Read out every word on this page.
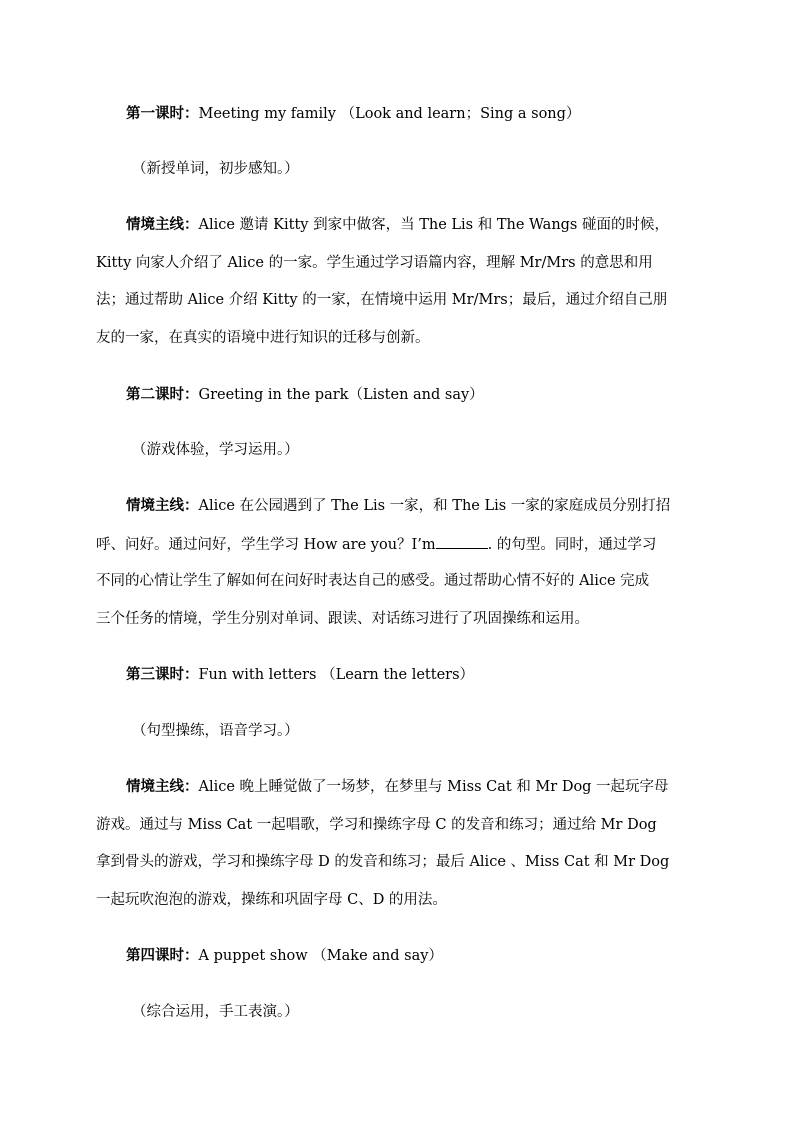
第一课时：Meeting my family （Look and learn；Sing a song）
（新授单词，初步感知。）
情境主线：Alice 邀请 Kitty 到家中做客，当 The Lis 和 The Wangs 碰面的时候，
Kitty 向家人介绍了 Alice 的一家。学生通过学习语篇内容，理解 Mr/Mrs 的意思和用
法；通过帮助 Alice 介绍 Kitty 的一家，在情境中运用 Mr/Mrs；最后，通过介绍自己朋
友的一家，在真实的语境中进行知识的迁移与创新。
第二课时：Greeting in the park（Listen and say）
（游戏体验，学习运用。）
情境主线：Alice 在公园遇到了 The Lis 一家，和 The Lis 一家的家庭成员分别打招
呼、问好。通过问好，学生学习 How are you？I’m	. 的句型。同时，通过学习
不同的心情让学生了解如何在问好时表达自己的感受。通过帮助心情不好的 Alice 完成
三个任务的情境，学生分别对单词、跟读、对话练习进行了巩固操练和运用。
第三课时：Fun with letters （Learn the letters）
（句型操练，语音学习。）
情境主线：Alice 晚上睡觉做了一场梦，在梦里与 Miss Cat 和 Mr Dog 一起玩字母
游戏。通过与 Miss Cat 一起唱歌，学习和操练字母 C 的发音和练习；通过给 Mr Dog
拿到骨头的游戏，学习和操练字母 D 的发音和练习；最后 Alice 、Miss Cat 和 Mr Dog
一起玩吹泡泡的游戏，操练和巩固字母 C、D 的用法。
第四课时：A puppet show （Make and say）
（综合运用，手工表演。）
